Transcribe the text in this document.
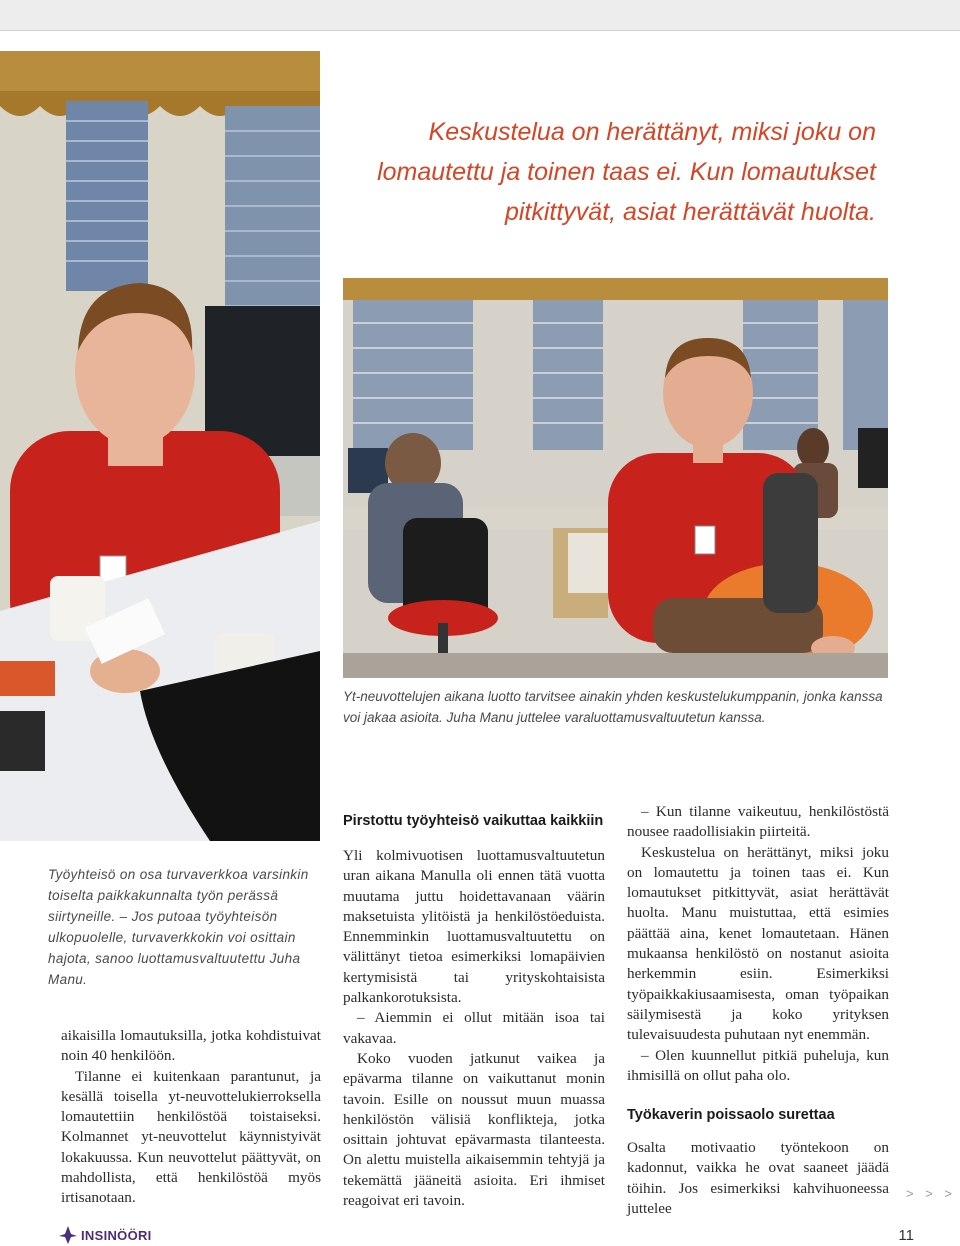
Keskustelua on herättänyt, miksi joku on
lomautettu ja toinen taas ei. Kun lomautukset
pitkittyvät, asiat herättävät huolta.

Yt-neuvottelujen aikana luotto tarvitsee ainakin yhden keskustelukumppanin, jonka kanssa voi jakaa asioita. Juha Manu juttelee varaluottamusvaltuutetun kanssa.

Työyhteisö on osa turvaverkkoa varsinkin toiselta paikkakunnalta työn perässä siirtyneille. – Jos putoaa työyhteisön ulkopuolelle, turvaverkkokin voi osittain hajota, sanoo luottamusvaltuutettu Juha Manu.

aikaisilla lomautuksilla, jotka kohdistuivat noin 40 henkilöön.

Tilanne ei kuitenkaan parantunut, ja kesällä toisella yt-neuvottelukierroksella lomautettiin henkilöstöä toistaiseksi. Kolmannet yt-neuvottelut käynnistyivät lokakuussa. Kun neuvottelut päättyvät, on mahdollista, että henkilöstöä myös irtisanotaan.

Pirstottu työyhteisö vaikuttaa kaikkiin

Yli kolmivuotisen luottamusvaltuutetun uran aikana Manulla oli ennen tätä vuotta muutama juttu hoidettavanaan väärin maksetuista ylitöistä ja henkilöstöeduista. Ennemminkin luottamusvaltuutettu on välittänyt tietoa esimerkiksi lomapäivien kertymisistä tai yrityskohtaisista palkankorotuksista.

– Aiemmin ei ollut mitään isoa tai vakavaa.

Koko vuoden jatkunut vaikea ja epävarma tilanne on vaikuttanut monin tavoin. Esille on noussut muun muassa henkilöstön välisiä konflikteja, jotka osittain johtuvat epävarmasta tilanteesta. On alettu muistella aikaisemmin tehtyjä ja tekemättä jääneitä asioita. Eri ihmiset reagoivat eri tavoin.

– Kun tilanne vaikeutuu, henkilöstöstä nousee raadollisiakin piirteitä.

Keskustelua on herättänyt, miksi joku on lomautettu ja toinen taas ei. Kun lomautukset pitkittyvät, asiat herättävät huolta. Manu muistuttaa, että esimies päättää aina, kenet lomautetaan. Hänen mukaansa henkilöstö on nostanut asioita herkemmin esiin. Esimerkiksi työpaikkakiusaamisesta, oman työpaikan säilymisestä ja koko yrityksen tulevaisuudesta puhutaan nyt enemmän.

– Olen kuunnellut pitkiä puheluja, kun ihmisillä on ollut paha olo.

Työkaverin poissaolo surettaa

Osalta motivaatio työntekoon on kadonnut, vaikka he ovat saaneet jäädä töihin. Jos esimerkiksi kahvihuoneessa juttelee

> > >
INSINÖÖRI	11
